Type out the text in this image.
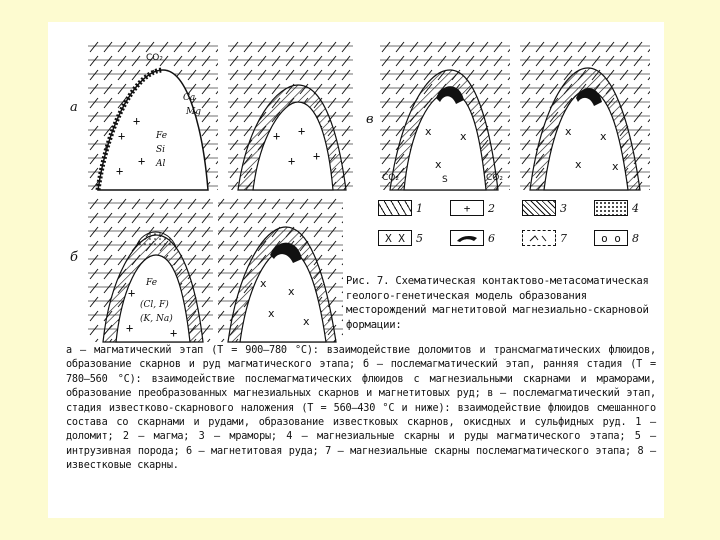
а
CO₂
Ca
Mg
Fe
Si
Al
+
+
+
+
+ +
+ +
б
Fe
(Cl, F)
(K, Na)
+
+	+
x
x
x
x
в
x	x
x
CO₂	S	CO₂
x	x
x	x
1	+	2	3	4
X X	5	6	7	o o	8
Рис. 7. Схематическая контактово-метасоматическая геолого-генетическая модель образования месторождений магнетитовой магнезиально-скарновой формации:
а – магматический этап (Т = 900–780 °С): взаимодействие доломитов и трансмагматических флюидов, образование скарнов и руд магматического этапа; б – послемагматический этап, ранняя стадия (Т = 780–560 °С): взаимодействие послемагматических флюидов с магнезиальными скарнами и мраморами, образование преобразованных магнезиальных скарнов и магнетитовых руд; в – послемагматический этап, стадия известково-скарнового наложения (Т = 560–430 °С и ниже): взаимодействие флюидов смешанного состава со скарнами и рудами, образование известковых скарнов, окисдных и сульфидных руд. 1 – доломит; 2 – магма; 3 – мраморы; 4 – магнезиальные скарны и руды магматического этапа; 5 – интрузивная порода; 6 – магнетитовая руда; 7 – магнезиальные скарны послемагматического этапа; 8 – известковые скарны.
